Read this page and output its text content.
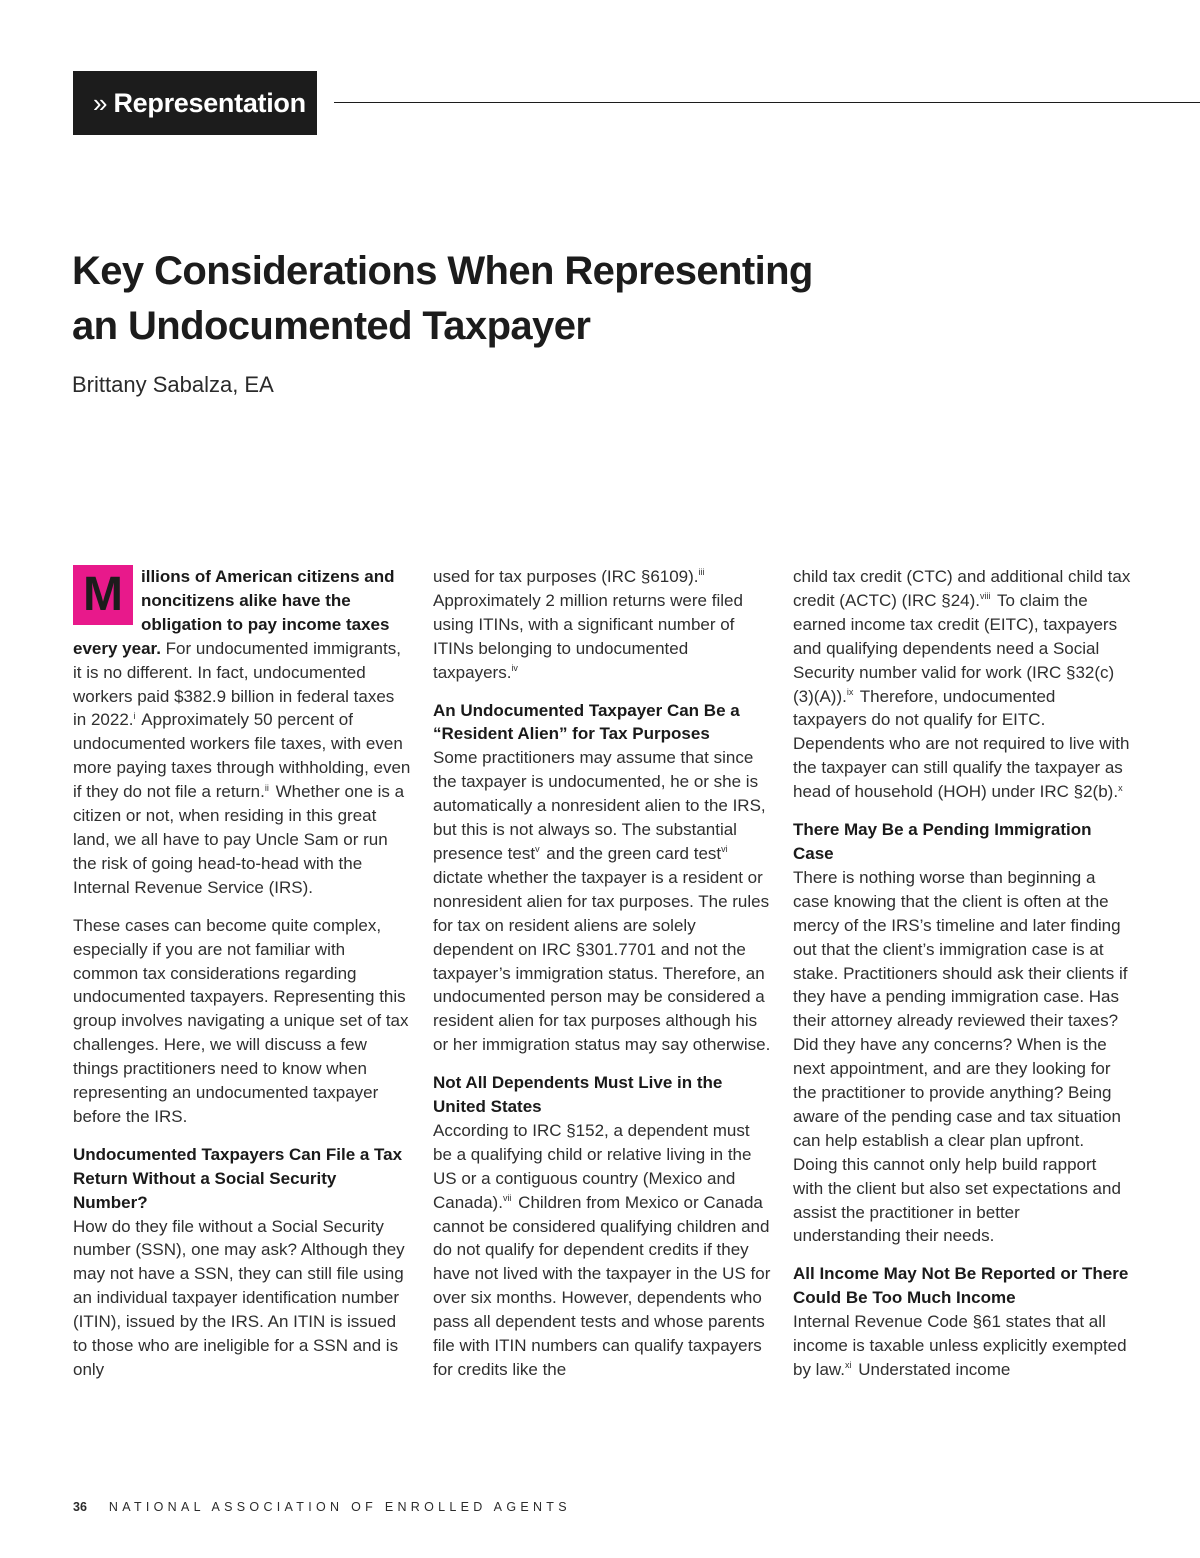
» Representation
Key Considerations When Representing
an Undocumented Taxpayer

Brittany Sabalza, EA

M	illions of American citizens and noncitizens alike have the obligation to pay income taxes every year. For undocumented immigrants, it is no different. In fact, undocumented workers paid $382.9 billion in federal taxes in 2022.$^i$ Approximately 50 percent of undocumented workers file taxes, with even more paying taxes through withholding, even if they do not file a return.$^{ii}$ Whether one is a citizen or not, when residing in this great land, we all have to pay Uncle Sam or run the risk of going head-to-head with the Internal Revenue Service (IRS).

These cases can become quite complex, especially if you are not familiar with common tax considerations regarding undocumented taxpayers. Representing this group involves navigating a unique set of tax challenges. Here, we will discuss a few things practitioners need to know when representing an undocumented taxpayer before the IRS.

Undocumented Taxpayers Can File a Tax Return Without a Social Security Number?

How do they file without a Social Security number (SSN), one may ask? Although they may not have a SSN, they can still file using an individual taxpayer identification number (ITIN), issued by the IRS. An ITIN is issued to those who are ineligible for a SSN and is only

used for tax purposes (IRC §6109).$^{iii}$ Approximately 2 million returns were filed using ITINs, with a significant number of ITINs belonging to undocumented taxpayers.$^{iv}$

An Undocumented Taxpayer Can Be a “Resident Alien” for Tax Purposes

Some practitioners may assume that since the taxpayer is undocumented, he or she is automatically a nonresident alien to the IRS, but this is not always so. The substantial presence test$^v$ and the green card test$^{vi}$ dictate whether the taxpayer is a resident or nonresident alien for tax purposes. The rules for tax on resident aliens are solely dependent on IRC §301.7701 and not the taxpayer’s immigration status. Therefore, an undocumented person may be considered a resident alien for tax purposes although his or her immigration status may say otherwise.

Not All Dependents Must Live in the United States

According to IRC §152, a dependent must be a qualifying child or relative living in the US or a contiguous country (Mexico and Canada).$^{vii}$ Children from Mexico or Canada cannot be considered qualifying children and do not qualify for dependent credits if they have not lived with the taxpayer in the US for over six months. However, dependents who pass all dependent tests and whose parents file with ITIN numbers can qualify taxpayers for credits like the

child tax credit (CTC) and additional child tax credit (ACTC) (IRC §24).$^{viii}$ To claim the earned income tax credit (EITC), taxpayers and qualifying dependents need a Social Security number valid for work (IRC §32(c)(3)(A)).$^{ix}$ Therefore, undocumented taxpayers do not qualify for EITC. Dependents who are not required to live with the taxpayer can still qualify the taxpayer as head of household (HOH) under IRC §2(b).$^x$

There May Be a Pending Immigration Case

There is nothing worse than beginning a case knowing that the client is often at the mercy of the IRS’s timeline and later finding out that the client’s immigration case is at stake. Practitioners should ask their clients if they have a pending immigration case. Has their attorney already reviewed their taxes? Did they have any concerns? When is the next appointment, and are they looking for the practitioner to provide anything? Being aware of the pending case and tax situation can help establish a clear plan upfront. Doing this cannot only help build rapport with the client but also set expectations and assist the practitioner in better understanding their needs.

All Income May Not Be Reported or There Could Be Too Much Income

Internal Revenue Code §61 states that all income is taxable unless explicitly exempted by law.$^{xi}$ Understated income

36 NATIONAL ASSOCIATION OF ENROLLED AGENTS
